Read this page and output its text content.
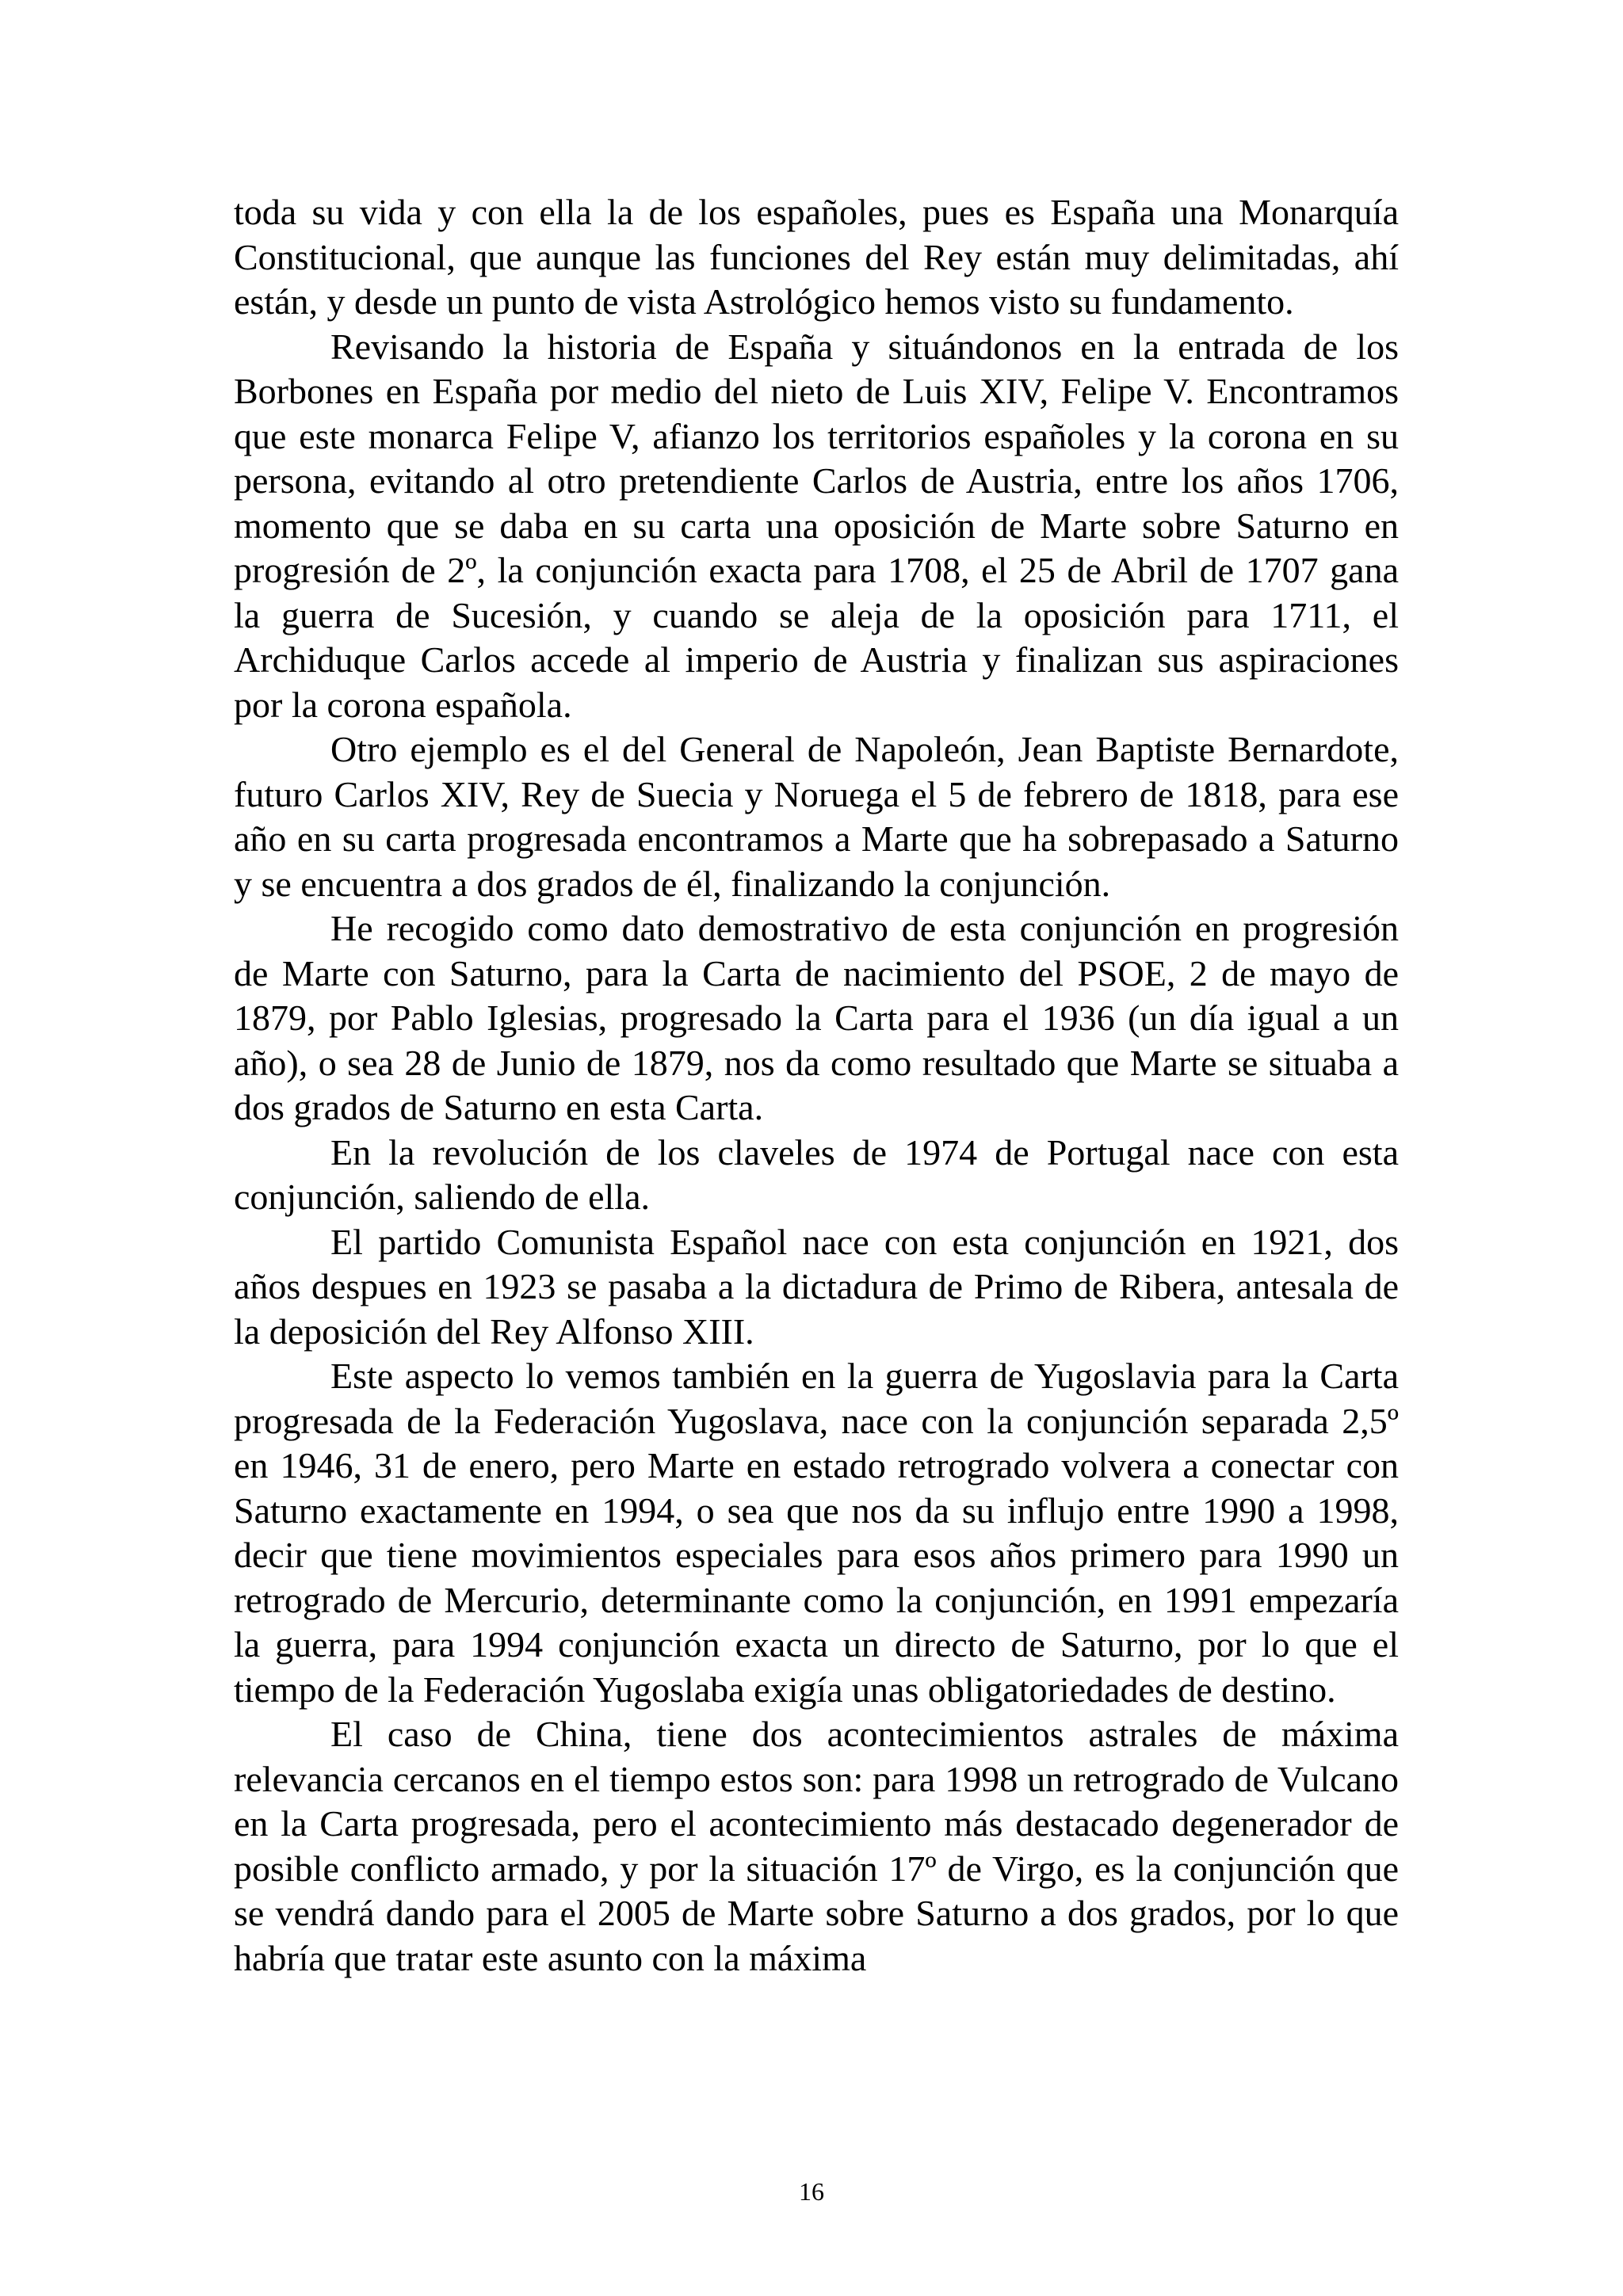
toda su vida y con ella la de los españoles, pues es España una Monarquía Constitucional, que aunque las funciones del Rey están muy delimitadas, ahí están, y desde un punto de vista Astrológico hemos visto su fundamento.

Revisando la historia de España y situándonos en la entrada de los Borbones en España por medio del nieto de Luis XIV, Felipe V. Encontramos que este monarca Felipe V, afianzo los territorios españoles y la corona en su persona, evitando al otro pretendiente Carlos de Austria, entre los años 1706, momento que se daba en su carta una oposición de Marte sobre Saturno en progresión de 2º, la conjunción exacta para 1708, el 25 de Abril de 1707 gana la guerra de Sucesión, y cuando se aleja de la oposición para 1711, el Archiduque Carlos accede al imperio de Austria y finalizan sus aspiraciones por la corona española.

Otro ejemplo es el del General de Napoleón, Jean Baptiste Bernardote, futuro Carlos XIV, Rey de Suecia y Noruega el 5 de febrero de 1818, para ese año en su carta progresada encontramos a Marte que ha sobrepasado a Saturno y se encuentra a dos grados de él, finalizando la conjunción.

He recogido como dato demostrativo de esta conjunción en progresión de Marte con Saturno, para la Carta de nacimiento del PSOE, 2 de mayo de 1879, por Pablo Iglesias, progresado la Carta para el 1936 (un día igual a un año), o sea 28 de Junio de 1879, nos da como resultado que Marte se situaba a dos grados de Saturno en esta Carta.

En la revolución de los claveles de 1974 de Portugal nace con esta conjunción, saliendo de ella.

El partido Comunista Español nace con esta conjunción en 1921, dos años despues en 1923 se pasaba a la dictadura de Primo de Ribera, antesala de la deposición del Rey Alfonso XIII.

Este aspecto lo vemos también en la guerra de Yugoslavia para la Carta progresada de la Federación Yugoslava, nace con la conjunción separada 2,5º en 1946, 31 de enero, pero Marte en estado retrogrado volvera a conectar con Saturno exactamente en 1994, o sea que nos da su influjo entre 1990 a 1998, decir que tiene movimientos especiales para esos años primero para 1990 un retrogrado de Mercurio, determinante como la conjunción, en 1991 empezaría la guerra, para 1994 conjunción exacta un directo de Saturno, por lo que el tiempo de la Federación Yugoslaba exigía unas obligatoriedades de destino.

El caso de China, tiene dos acontecimientos astrales de máxima relevancia cercanos en el tiempo estos son: para 1998 un retrogrado de Vulcano en la Carta progresada, pero el acontecimiento más destacado degenerador de posible conflicto armado, y por la situación 17º de Virgo, es la conjunción que se vendrá dando para el 2005 de Marte sobre Saturno a dos grados, por lo que habría que tratar este asunto con la máxima

16
